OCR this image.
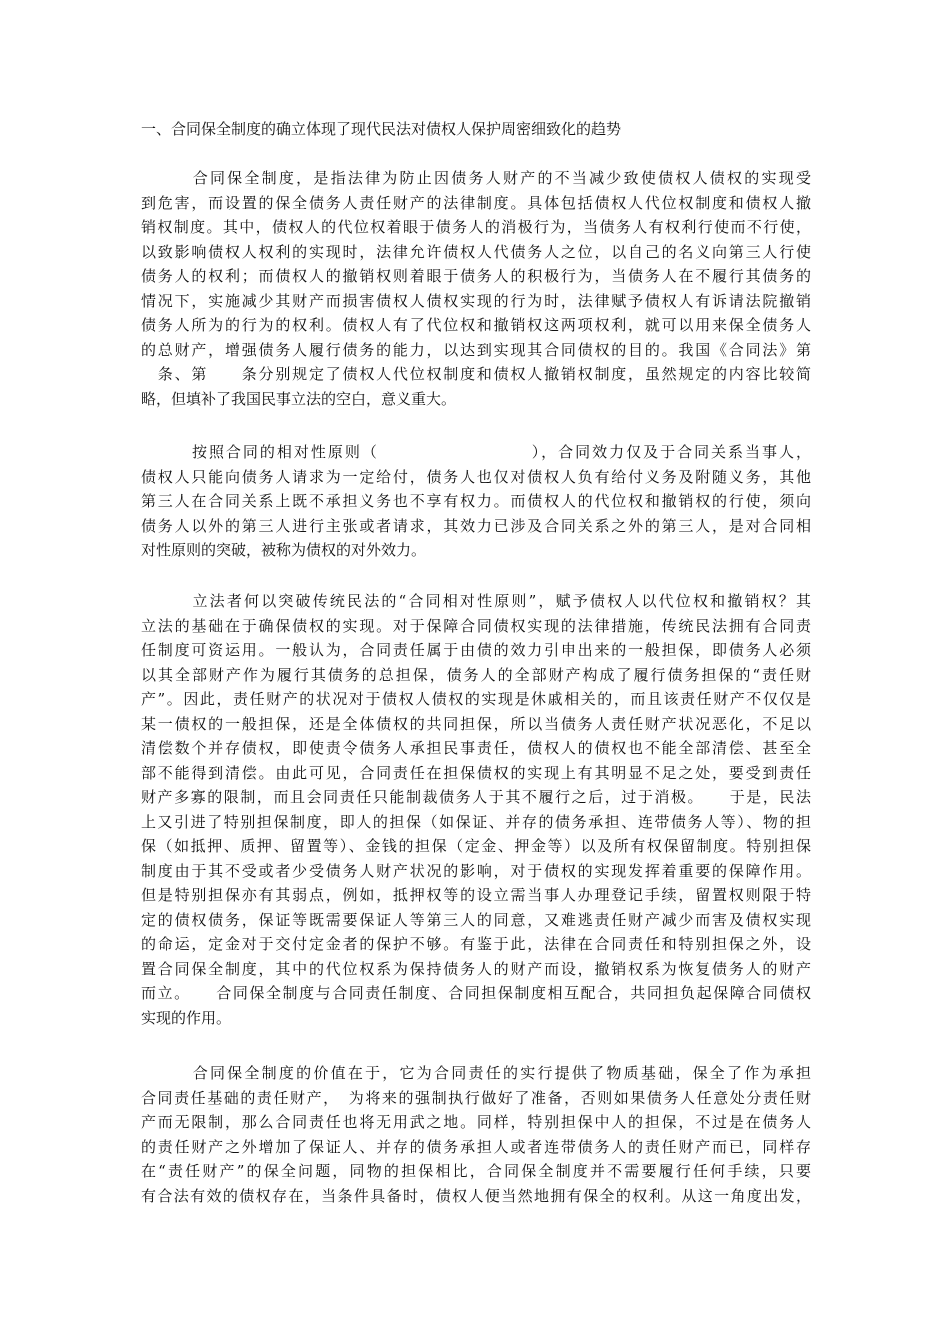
一、合同保全制度的确立体现了现代民法对债权人保护周密细致化的趋势
　　　合同保全制度，是指法律为防止因债务人财产的不当减少致使债权人债权的实现受
到危害，而设置的保全债务人责任财产的法律制度。具体包括债权人代位权制度和债权人撤
销权制度。其中，债权人的代位权着眼于债务人的消极行为，当债务人有权利行使而不行使，
以致影响债权人权利的实现时，法律允许债权人代债务人之位，以自己的名义向第三人行使
债务人的权利；而债权人的撤销权则着眼于债务人的积极行为，当债务人在不履行其债务的
情况下，实施减少其财产而损害债权人债权实现的行为时，法律赋予债权人有诉请法院撤销
债务人所为的行为的权利。债权人有了代位权和撤销权这两项权利，就可以用来保全债务人
的总财产，增强债务人履行债务的能力，以达到实现其合同债权的目的。我国《合同法》第
　条、第　　条分别规定了债权人代位权制度和债权人撤销权制度，虽然规定的内容比较简
略，但填补了我国民事立法的空白，意义重大。
　　　按照合同的相对性原则（　　　　　　　　　），合同效力仅及于合同关系当事人，
债权人只能向债务人请求为一定给付，债务人也仅对债权人负有给付义务及附随义务，其他
第三人在合同关系上既不承担义务也不享有权力。而债权人的代位权和撤销权的行使，须向
债务人以外的第三人进行主张或者请求，其效力已涉及合同关系之外的第三人，是对合同相
对性原则的突破，被称为债权的对外效力。
　　　立法者何以突破传统民法的“合同相对性原则”，赋予债权人以代位权和撤销权？其
立法的基础在于确保债权的实现。对于保障合同债权实现的法律措施，传统民法拥有合同责
任制度可资运用。一般认为，合同责任属于由债的效力引申出来的一般担保，即债务人必须
以其全部财产作为履行其债务的总担保，债务人的全部财产构成了履行债务担保的“责任财
产”。因此，责任财产的状况对于债权人债权的实现是休戚相关的，而且该责任财产不仅仅是
某一债权的一般担保，还是全体债权的共同担保，所以当债务人责任财产状况恶化，不足以
清偿数个并存债权，即使责令债务人承担民事责任，债权人的债权也不能全部清偿、甚至全
部不能得到清偿。由此可见，合同责任在担保债权的实现上有其明显不足之处，要受到责任
财产多寡的限制，而且会同责任只能制裁债务人于其不履行之后，过于消极。　　于是，民法
上又引进了特别担保制度，即人的担保（如保证、并存的债务承担、连带债务人等）、物的担
保（如抵押、质押、留置等）、金钱的担保（定金、押金等）以及所有权保留制度。特别担保
制度由于其不受或者少受债务人财产状况的影响，对于债权的实现发挥着重要的保障作用。
但是特别担保亦有其弱点，例如，抵押权等的设立需当事人办理登记手续，留置权则限于特
定的债权债务，保证等既需要保证人等第三人的同意，又难逃责任财产减少而害及债权实现
的命运，定金对于交付定金者的保护不够。有鉴于此，法律在合同责任和特别担保之外，设
置合同保全制度，其中的代位权系为保持债务人的财产而设，撤销权系为恢复债务人的财产
而立。　　合同保全制度与合同责任制度、合同担保制度相互配合，共同担负起保障合同债权
实现的作用。
　　　合同保全制度的价值在于，它为合同责任的实行提供了物质基础，保全了作为承担
合同责任基础的责任财产，　为将来的强制执行做好了准备，否则如果债务人任意处分责任财
产而无限制，那么合同责任也将无用武之地。同样，特别担保中人的担保，不过是在债务人
的责任财产之外增加了保证人、并存的债务承担人或者连带债务人的责任财产而已，同样存
在“责任财产”的保全问题，同物的担保相比，合同保全制度并不需要履行任何手续，只要
有合法有效的债权存在，当条件具备时，债权人便当然地拥有保全的权利。从这一角度出发，
